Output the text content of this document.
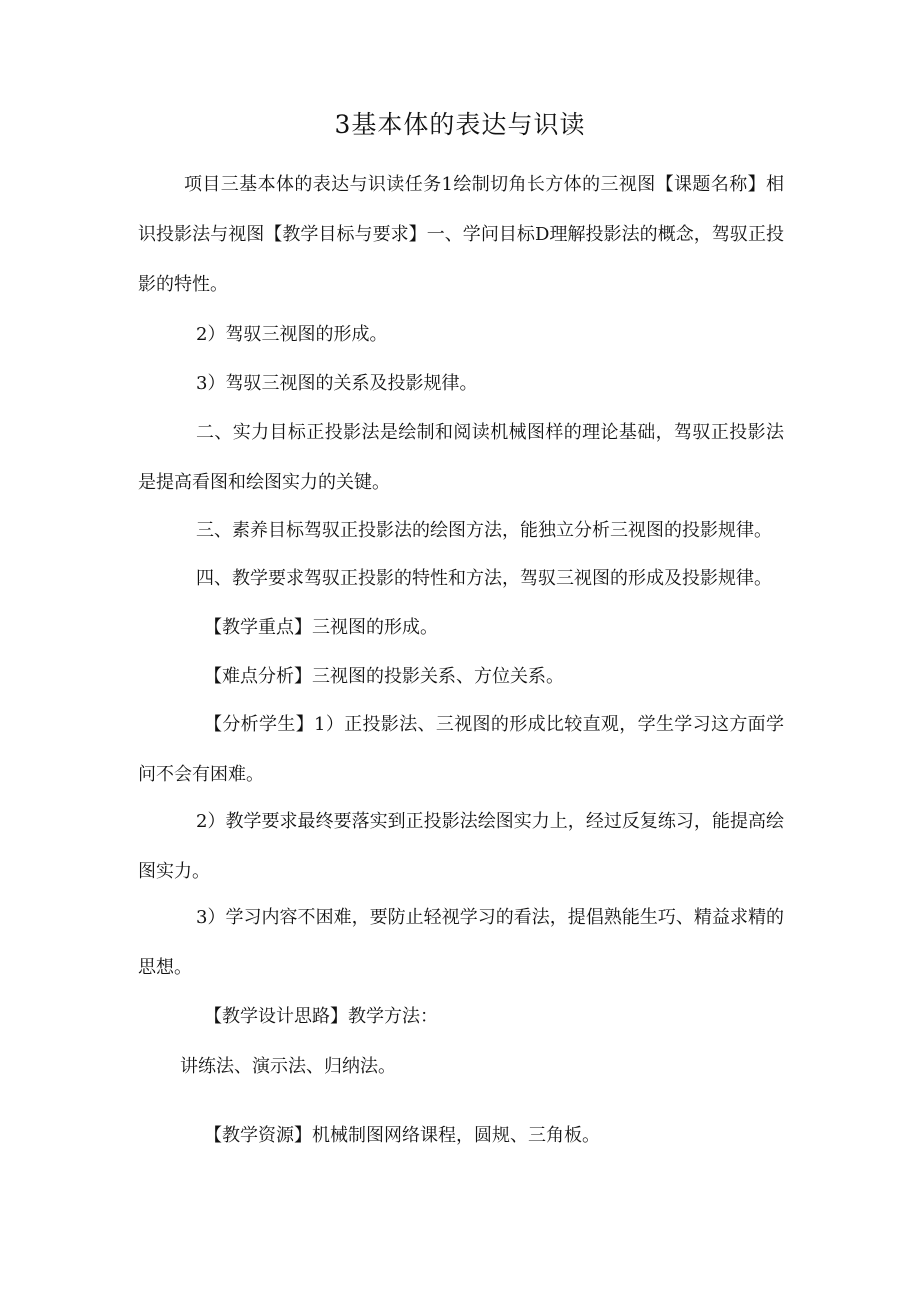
3基本体的表达与识读

项目三基本体的表达与识读任务1绘制切角长方体的三视图【课题名称】相识投影法与视图【教学目标与要求】一、学问目标D理解投影法的概念，驾驭正投影的特性。

2）驾驭三视图的形成。

3）驾驭三视图的关系及投影规律。

二、实力目标正投影法是绘制和阅读机械图样的理论基础，驾驭正投影法是提高看图和绘图实力的关键。

三、素养目标驾驭正投影法的绘图方法，能独立分析三视图的投影规律。

四、教学要求驾驭正投影的特性和方法，驾驭三视图的形成及投影规律。

【教学重点】三视图的形成。

【难点分析】三视图的投影关系、方位关系。

【分析学生】1）正投影法、三视图的形成比较直观，学生学习这方面学问不会有困难。

2）教学要求最终要落实到正投影法绘图实力上，经过反复练习，能提高绘图实力。

3）学习内容不困难，要防止轻视学习的看法，提倡熟能生巧、精益求精的思想。

【教学设计思路】教学方法：

讲练法、演示法、归纳法。

【教学资源】机械制图网络课程，圆规、三角板。
